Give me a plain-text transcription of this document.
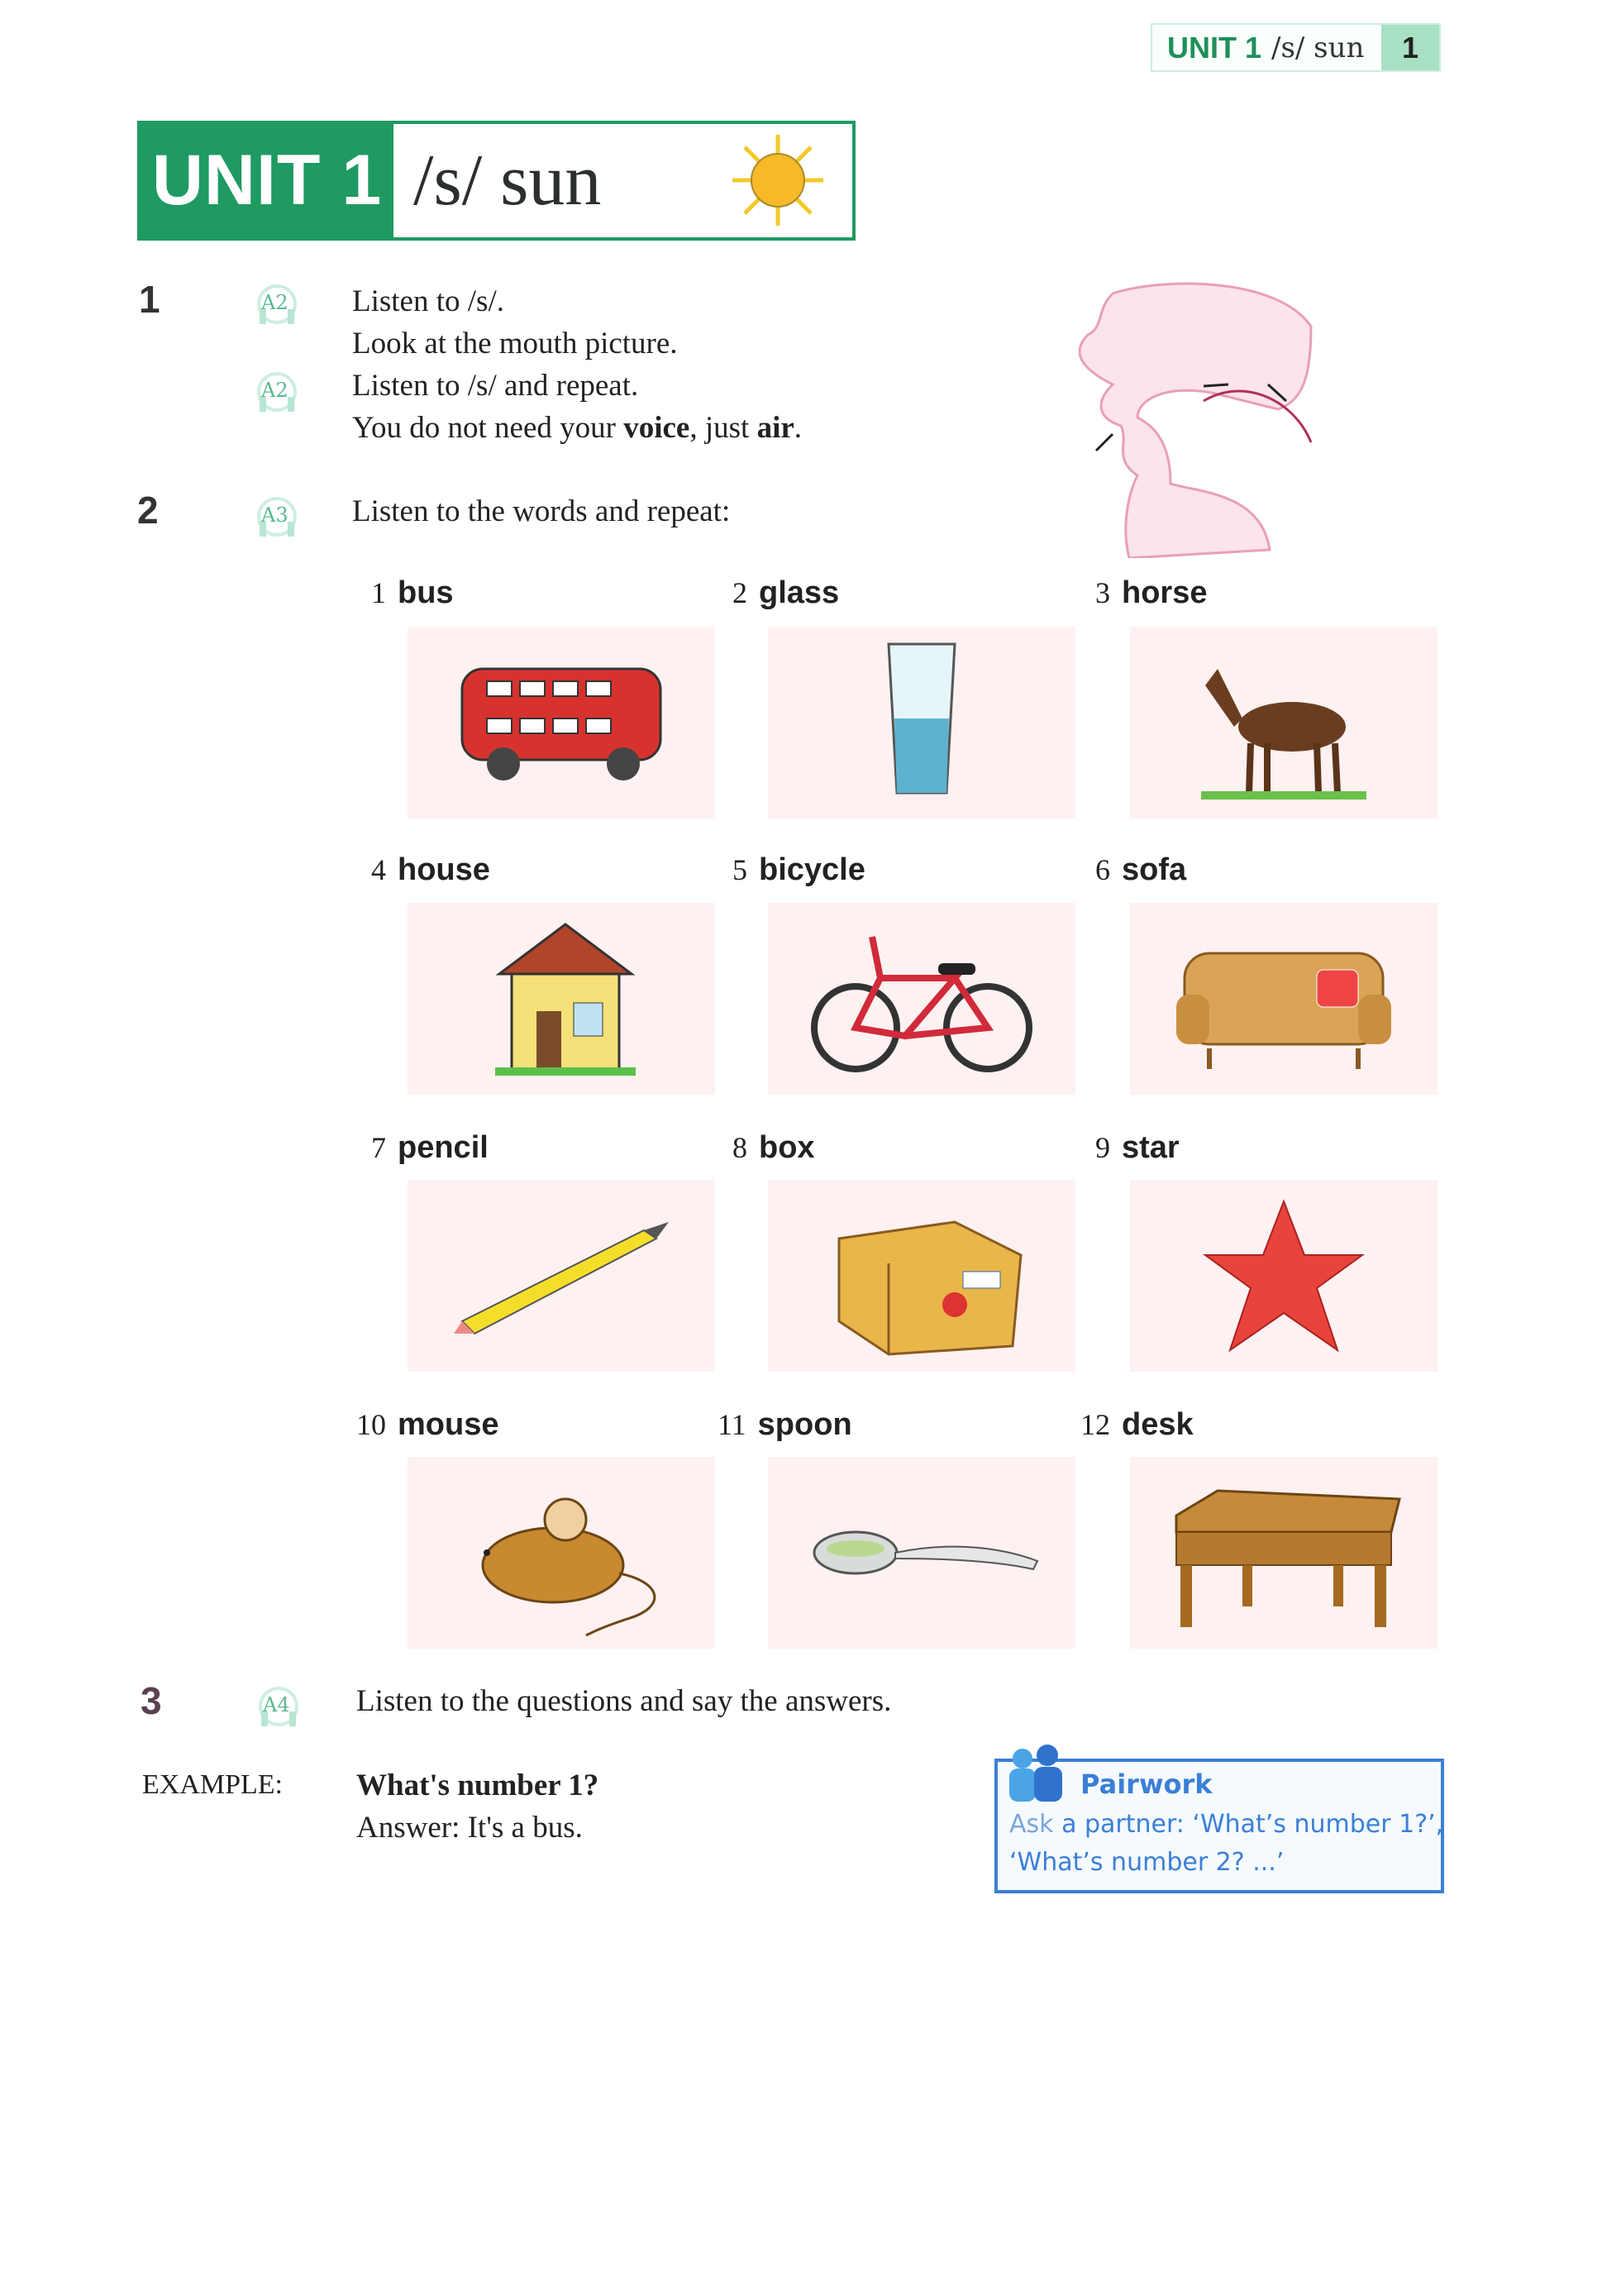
UNIT 1 /s/ sun	1
UNIT 1 /s/ sun
1	A2
A2
Listen to /s/.
Look at the mouth picture.
Listen to /s/ and repeat.
You do not need your voice, just air.
2	A3 Listen to the words and repeat:
1 bus	2 glass	3 horse
4 house	5 bicycle	6 sofa
7 pencil	8 box	9 star
10 mouse	11 spoon	12 desk
3	A4 Listen to the questions and say the answers.
EXAMPLE: What's number 1?
Answer: It's a bus.
Pairwork
Ask a partner: ‘What’s number 1?’,
‘What’s number 2? ...’
